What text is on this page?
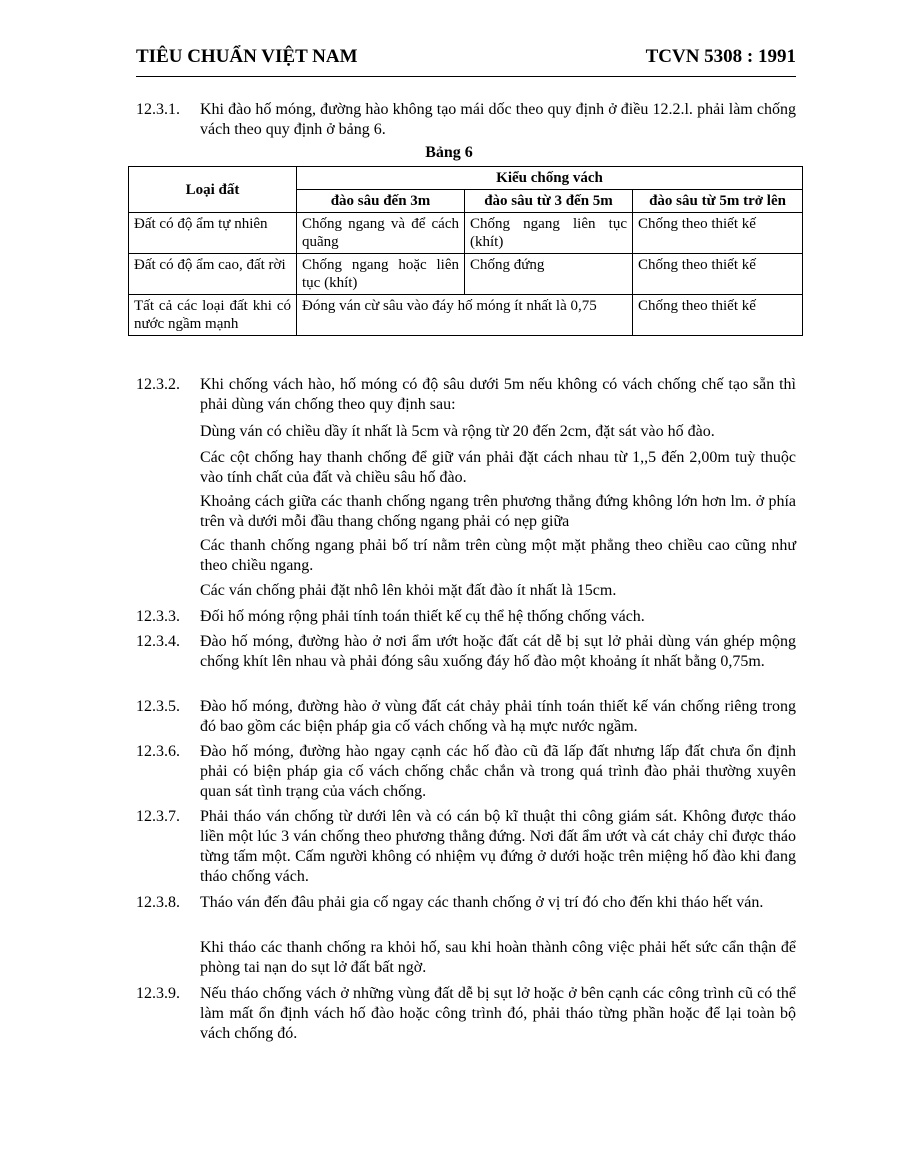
TIÊU CHUẨN VIỆT NAM	TCVN 5308 : 1991
12.3.1.	Khi đào hố móng, đường hào không tạo mái dốc theo quy định ở điều 12.2.l. phải làm chống vách theo quy định ở bảng 6.
Bảng 6
Loại đất	Kiểu chống vách		
	đào sâu đến 3m	đào sâu từ 3 đến 5m	đào sâu từ 5m trở lên
Đất có độ ẩm tự nhiên	Chống ngang và để cách quãng	Chống ngang liên tục (khít)	Chống theo thiết kế
Đất có độ ẩm cao, đất rời	Chống ngang hoặc liên tục (khít)	Chống đứng	Chống theo thiết kế
Tất cả các loại đất khi có nước ngầm mạnh	Đóng ván cừ sâu vào đáy hố móng ít nhất là 0,75		Chống theo thiết kế
12.3.2.	Khi chống vách hào, hố móng có độ sâu dưới 5m nếu không có vách chống chế tạo sẵn thì phải dùng ván chống theo quy định sau:
Dùng ván có chiều dầy ít nhất là 5cm và rộng từ 20 đến 2cm, đặt sát vào hố đào.
Các cột chống hay thanh chống để giữ ván phải đặt cách nhau từ 1,,5 đến 2,00m tuỳ thuộc vào tính chất của đất và chiều sâu hố đào.
Khoảng cách giữa các thanh chống ngang trên phương thẳng đứng không lớn hơn lm. ở phía trên và dưới mỗi đầu thang chống ngang phải có nẹp giữa
Các thanh chống ngang phải bố trí nằm trên cùng một mặt phẳng theo chiều cao cũng như theo chiều ngang.
Các ván chống phải đặt nhô lên khỏi mặt đất đào ít nhất là 15cm.
12.3.3.	Đối hố móng rộng phải tính toán thiết kế cụ thể hệ thống chống vách.
12.3.4.	Đào hố móng, đường hào ở nơi ẩm ướt hoặc đất cát dễ bị sụt lở phải dùng ván ghép mộng chống khít lên nhau và phải đóng sâu xuống đáy hố đào một khoảng ít nhất bằng 0,75m.
12.3.5.	Đào hố móng, đường hào ở vùng đất cát chảy phải tính toán thiết kế ván chống riêng trong đó bao gồm các biện pháp gia cố vách chống và hạ mực nước ngầm.
12.3.6.	Đào hố móng, đường hào ngay cạnh các hố đào cũ đã lấp đất nhưng lấp đất chưa ổn định phải có biện pháp gia cố vách chống chắc chắn và trong quá trình đào phải thường xuyên quan sát tình trạng của vách chống.
12.3.7.	Phải tháo ván chống từ dưới lên và có cán bộ kĩ thuật thi công giám sát. Không được tháo liền một lúc 3 ván chống theo phương thẳng đứng. Nơi đất ẩm ướt và cát chảy chỉ được tháo từng tấm một. Cấm người không có nhiệm vụ đứng ở dưới hoặc trên miệng hố đào khi đang tháo chống vách.
12.3.8.	Tháo ván đến đâu phải gia cố ngay các thanh chống ở vị trí đó cho đến khi tháo hết ván.
Khi tháo các thanh chống ra khỏi hố, sau khi hoàn thành công việc phải hết sức cẩn thận để phòng tai nạn do sụt lở đất bất ngờ.
12.3.9.	Nếu tháo chống vách ở những vùng đất dễ bị sụt lở hoặc ở bên cạnh các công trình cũ có thể làm mất ổn định vách hố đào hoặc công trình đó, phải tháo từng phần hoặc để lại toàn bộ vách chống đó.
